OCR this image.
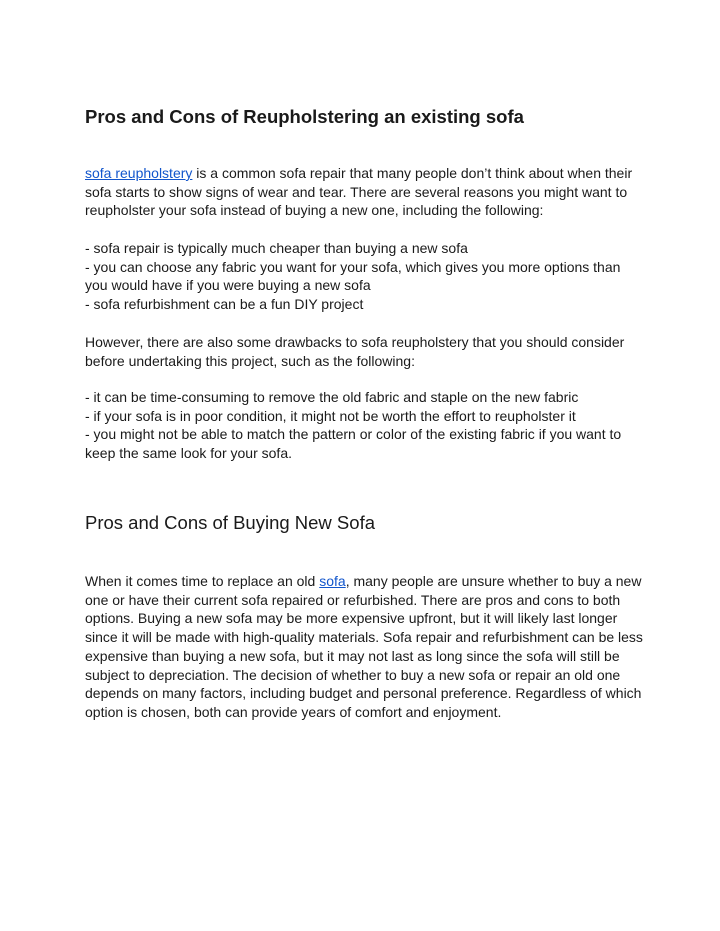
Pros and Cons of Reupholstering an existing sofa

sofa reupholstery is a common sofa repair that many people don’t think about when their sofa starts to show signs of wear and tear. There are several reasons you might want to reupholster your sofa instead of buying a new one, including the following:

- sofa repair is typically much cheaper than buying a new sofa
- you can choose any fabric you want for your sofa, which gives you more options than you would have if you were buying a new sofa
- sofa refurbishment can be a fun DIY project

However, there are also some drawbacks to sofa reupholstery that you should consider before undertaking this project, such as the following:

- it can be time-consuming to remove the old fabric and staple on the new fabric
- if your sofa is in poor condition, it might not be worth the effort to reupholster it
- you might not be able to match the pattern or color of the existing fabric if you want to keep the same look for your sofa.
Pros and Cons of Buying New Sofa

When it comes time to replace an old sofa, many people are unsure whether to buy a new one or have their current sofa repaired or refurbished. There are pros and cons to both options. Buying a new sofa may be more expensive upfront, but it will likely last longer since it will be made with high-quality materials. Sofa repair and refurbishment can be less expensive than buying a new sofa, but it may not last as long since the sofa will still be subject to depreciation. The decision of whether to buy a new sofa or repair an old one depends on many factors, including budget and personal preference. Regardless of which option is chosen, both can provide years of comfort and enjoyment.
